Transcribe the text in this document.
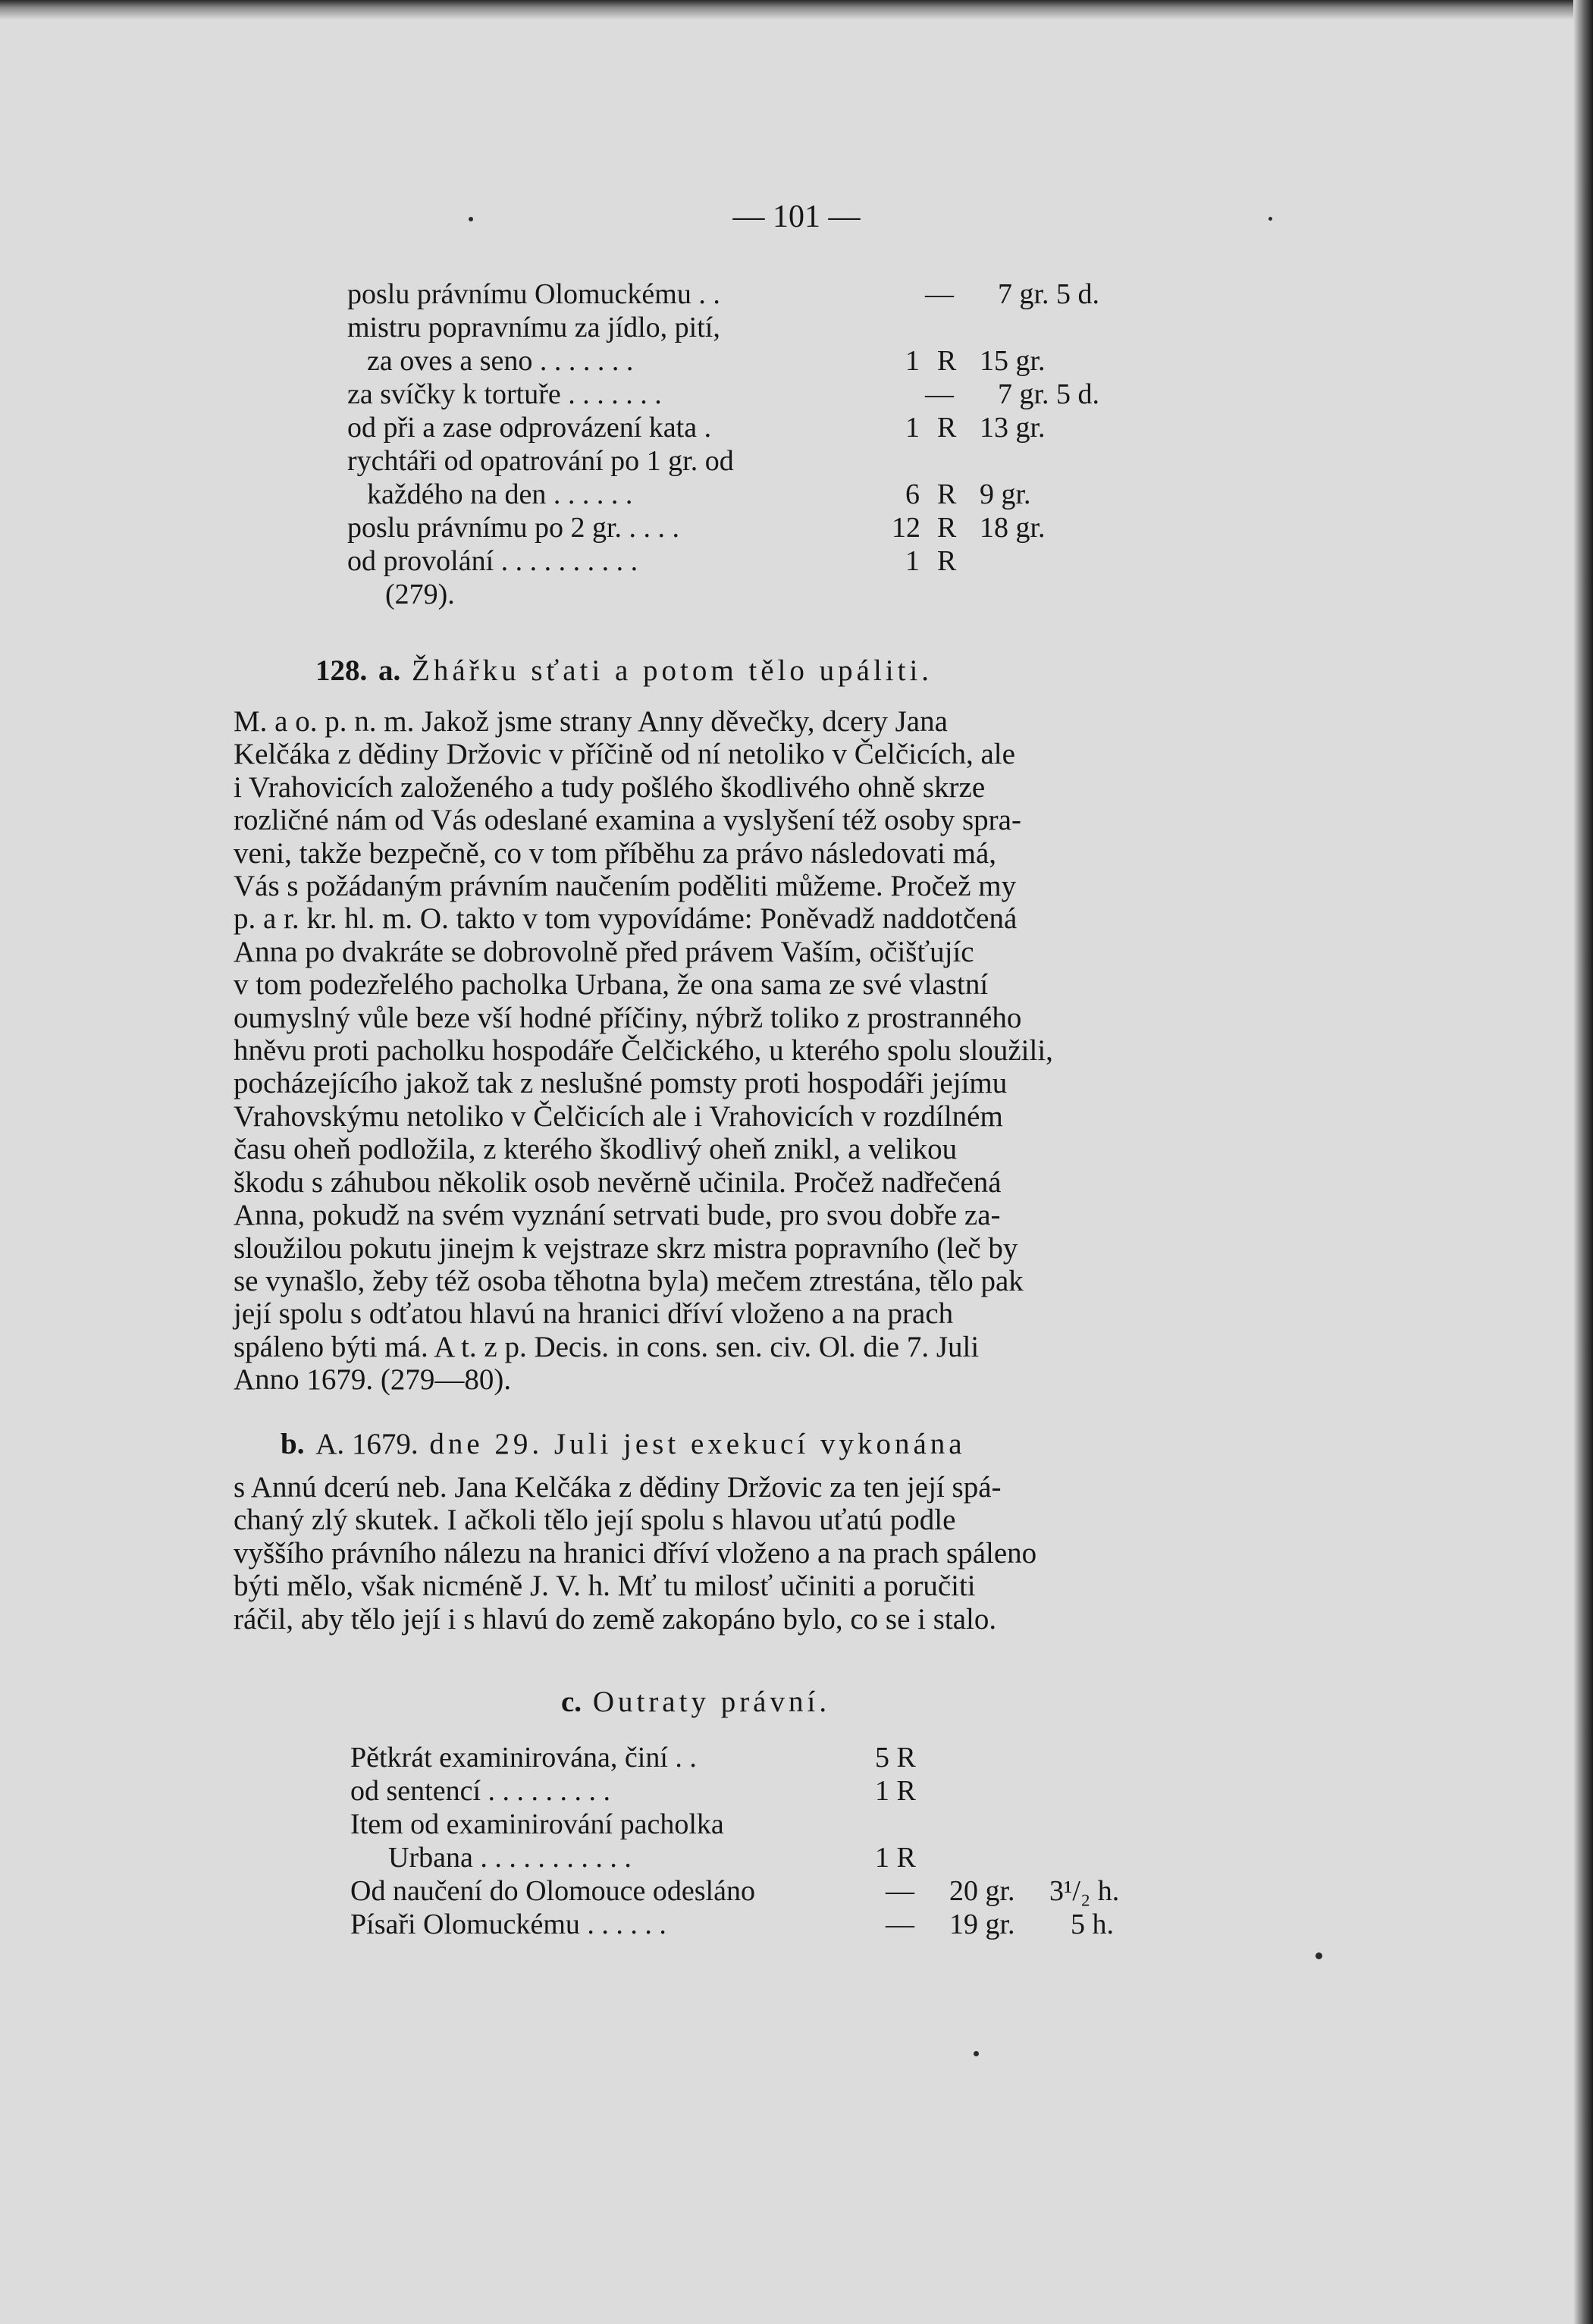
— 101 —
poslu právnímu Olomuckému . .	— 7 gr. 5 d.
mistru popravnímu za jídlo, pití,
za oves a seno . . . . . . .	1 R 15 gr.
za svíčky k tortuře . . . . . . .	— 7 gr. 5 d.
od při a zase odprovázení kata .	1 R 13 gr.
rychtáři od opatrování po 1 gr. od
každého na den . . . . . .	6 R 9 gr.
poslu právnímu po 2 gr. . . . .	12 R 18 gr.
od provolání . . . . . . . . . .	1 R
(279).
128. a. Žhářku sťati a potom tělo upáliti.
M. a o. p. n. m. Jakož jsme strany Anny děvečky, dcery Jana
Kelčáka z dědiny Držovic v příčině od ní netoliko v Čelčicích, ale
i Vrahovicích založeného a tudy pošlého škodlivého ohně skrze
rozličné nám od Vás odeslané examina a vyslyšení též osoby spra-
veni, takže bezpečně, co v tom příběhu za právo následovati má,
Vás s požádaným právním naučením poděliti můžeme. Pročež my
p. a r. kr. hl. m. O. takto v tom vypovídáme: Poněvadž naddotčená
Anna po dvakráte se dobrovolně před právem Vaším, očišťujíc
v tom podezřelého pacholka Urbana, že ona sama ze své vlastní
oumyslný vůle beze vší hodné příčiny, nýbrž toliko z prostranného
hněvu proti pacholku hospodáře Čelčického, u kterého spolu sloužili,
pocházejícího jakož tak z neslušné pomsty proti hospodáři jejímu
Vrahovskýmu netoliko v Čelčicích ale i Vrahovicích v rozdílném
času oheň podložila, z kterého škodlivý oheň znikl, a velikou
škodu s záhubou několik osob nevěrně učinila. Pročež nadřečená
Anna, pokudž na svém vyznání setrvati bude, pro svou dobře za-
sloužilou pokutu jinejm k vejstraze skrz mistra popravního (leč by
se vynašlo, žeby též osoba těhotna byla) mečem ztrestána, tělo pak
její spolu s odťatou hlavú na hranici dříví vloženo a na prach
spáleno býti má. A t. z p. Decis. in cons. sen. civ. Ol. die 7. Juli
Anno 1679. (279—80).
b. A. 1679. dne 29. Juli jest exekucí vykonána
s Annú dcerú neb. Jana Kelčáka z dědiny Držovic za ten její spá-
chaný zlý skutek. I ačkoli tělo její spolu s hlavou uťatú podle
vyššího právního nálezu na hranici dříví vloženo a na prach spáleno
býti mělo, však nicméně J. V. h. Mť tu milosť učiniti a poručiti
ráčil, aby tělo její i s hlavú do země zakopáno bylo, co se i stalo.
c. Outraty právní.
Pětkrát examinirována, činí . .	5 R
od sentencí . . . . . . . . .	1 R
Item od examinirování pacholka
Urbana . . . . . . . . . . .	1 R
Od naučení do Olomouce odesláno	— 20 gr. 3¹/₂ h.
Písaři Olomuckému . . . . . .	— 19 gr. 5 h.
